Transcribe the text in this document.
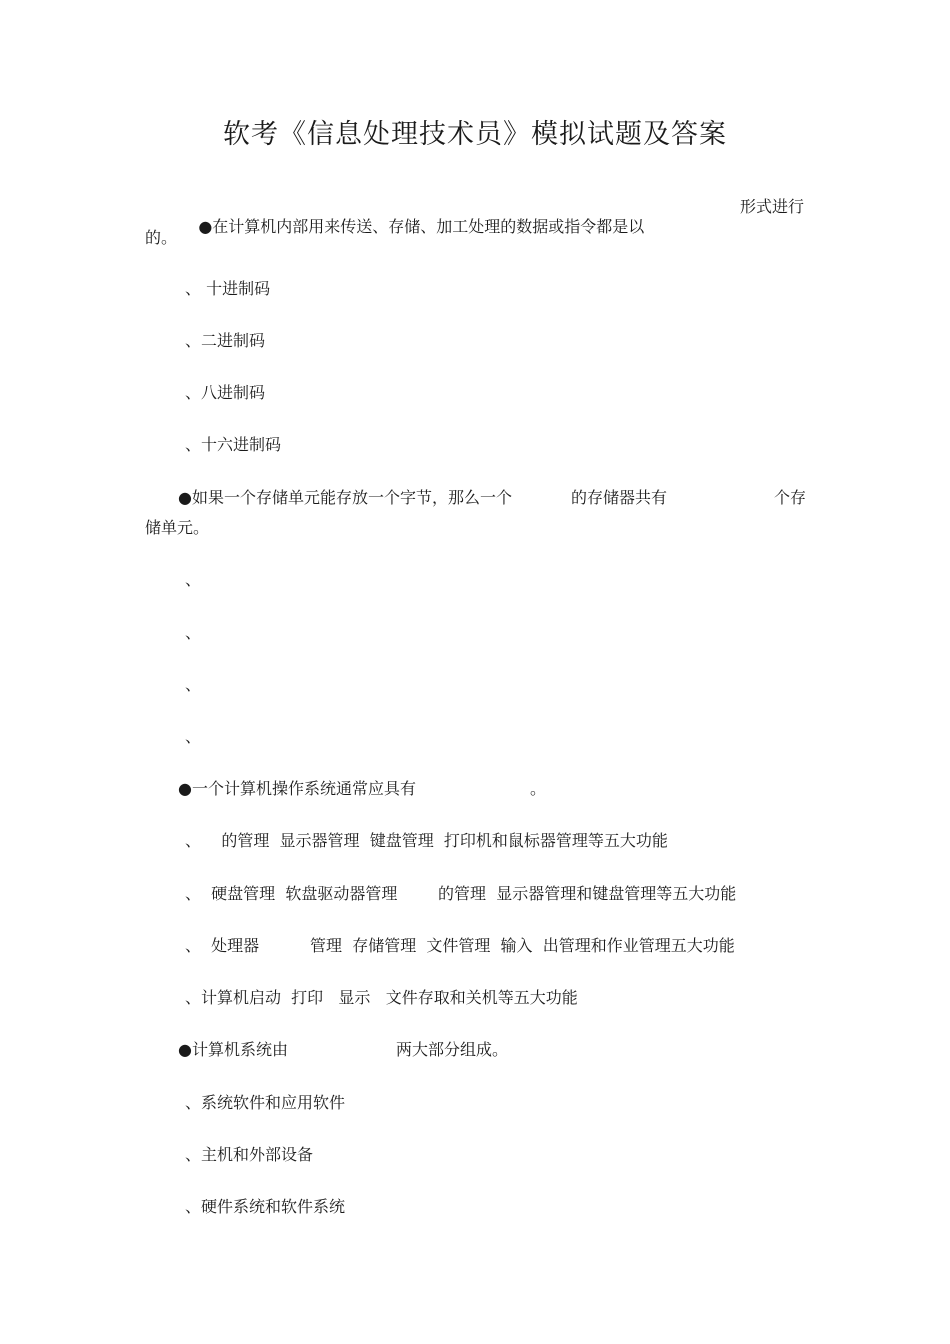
软考《信息处理技术员》模拟试题及答案

●在计算机内部用来传送、存储、加工处理的数据或指令都是以

形式进行
的。
、 十进制码
、二进制码
、八进制码
、十六进制码
●如果一个存储单元能存放一个字节，那么一个	的存储器共有	个存
储单元。
、
、
、
、
●一个计算机操作系统通常应具有	。
、    的管理  显示器管理  键盘管理  打印机和鼠标器管理等五大功能
、  硬盘管理  软盘驱动器管理        的管理  显示器管理和键盘管理等五大功能
、  处理器          管理  存储管理  文件管理  输入  出管理和作业管理五大功能
、计算机启动  打印   显示   文件存取和关机等五大功能
●计算机系统由	两大部分组成。
、系统软件和应用软件
、主机和外部设备
、硬件系统和软件系统
